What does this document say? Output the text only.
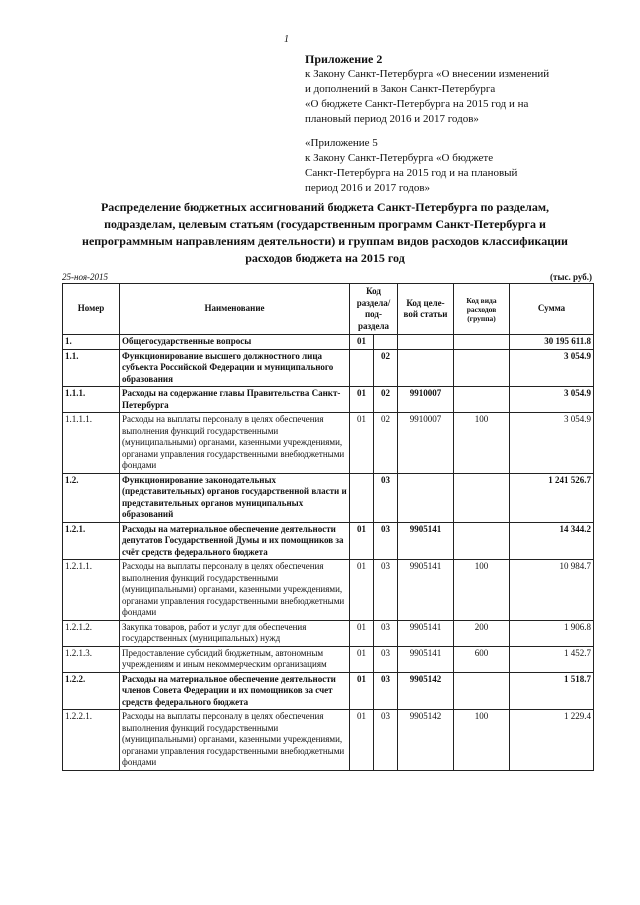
1
Приложение 2
к Закону Санкт-Петербурга «О внесении изменений
и дополнений в Закон Санкт-Петербурга
«О бюджете Санкт-Петербурга на 2015 год и на
плановый период 2016 и 2017 годов»
«Приложение 5
к Закону Санкт-Петербурга «О бюджете
Санкт-Петербурга на 2015 год и на плановый
период 2016 и 2017 годов»
Распределение бюджетных ассигнований бюджета Санкт-Петербурга по разделам,
подразделам, целевым статьям (государственным программ Санкт-Петербурга и
непрограммным направлениям деятельности) и группам видов расходов классификации
расходов бюджета на 2015 год
25-ноя-2015	(тыс. руб.)
Номер	Наименование	Код раздела/ под- раздела		Код целе- вой статьи	Код вида расходов (группа)	Сумма
1.	Общегосударственные вопросы	01				30 195 611.8
1.1.	Функционирование высшего должностного лица субъекта Российской Федерации и муниципального образования		02			3 054.9
1.1.1.	Расходы на содержание главы Правительства Санкт-Петербурга	01	02	9910007		3 054.9
1.1.1.1.	Расходы на выплаты персоналу в целях обеспечения выполнения функций государственными (муниципальными) органами, казенными учреждениями, органами управления государственными внебюджетными фондами	01	02	9910007	100	3 054.9
1.2.	Функционирование законодательных (представительных) органов государственной власти и представительных органов муниципальных образований		03			1 241 526.7
1.2.1.	Расходы на материальное обеспечение деятельности депутатов Государственной Думы и их помощников за счёт средств федерального бюджета	01	03	9905141		14 344.2
1.2.1.1.	Расходы на выплаты персоналу в целях обеспечения выполнения функций государственными (муниципальными) органами, казенными учреждениями, органами управления государственными внебюджетными фондами	01	03	9905141	100	10 984.7
1.2.1.2.	Закупка товаров, работ и услуг для обеспечения государственных (муниципальных) нужд	01	03	9905141	200	1 906.8
1.2.1.3.	Предоставление субсидий бюджетным, автономным учреждениям и иным некоммерческим организациям	01	03	9905141	600	1 452.7
1.2.2.	Расходы на материальное обеспечение деятельности членов Совета Федерации и их помощников за счет средств федерального бюджета	01	03	9905142		1 518.7
1.2.2.1.	Расходы на выплаты персоналу в целях обеспечения выполнения функций государственными (муниципальными) органами, казенными учреждениями, органами управления государственными внебюджетными фондами	01	03	9905142	100	1 229.4
